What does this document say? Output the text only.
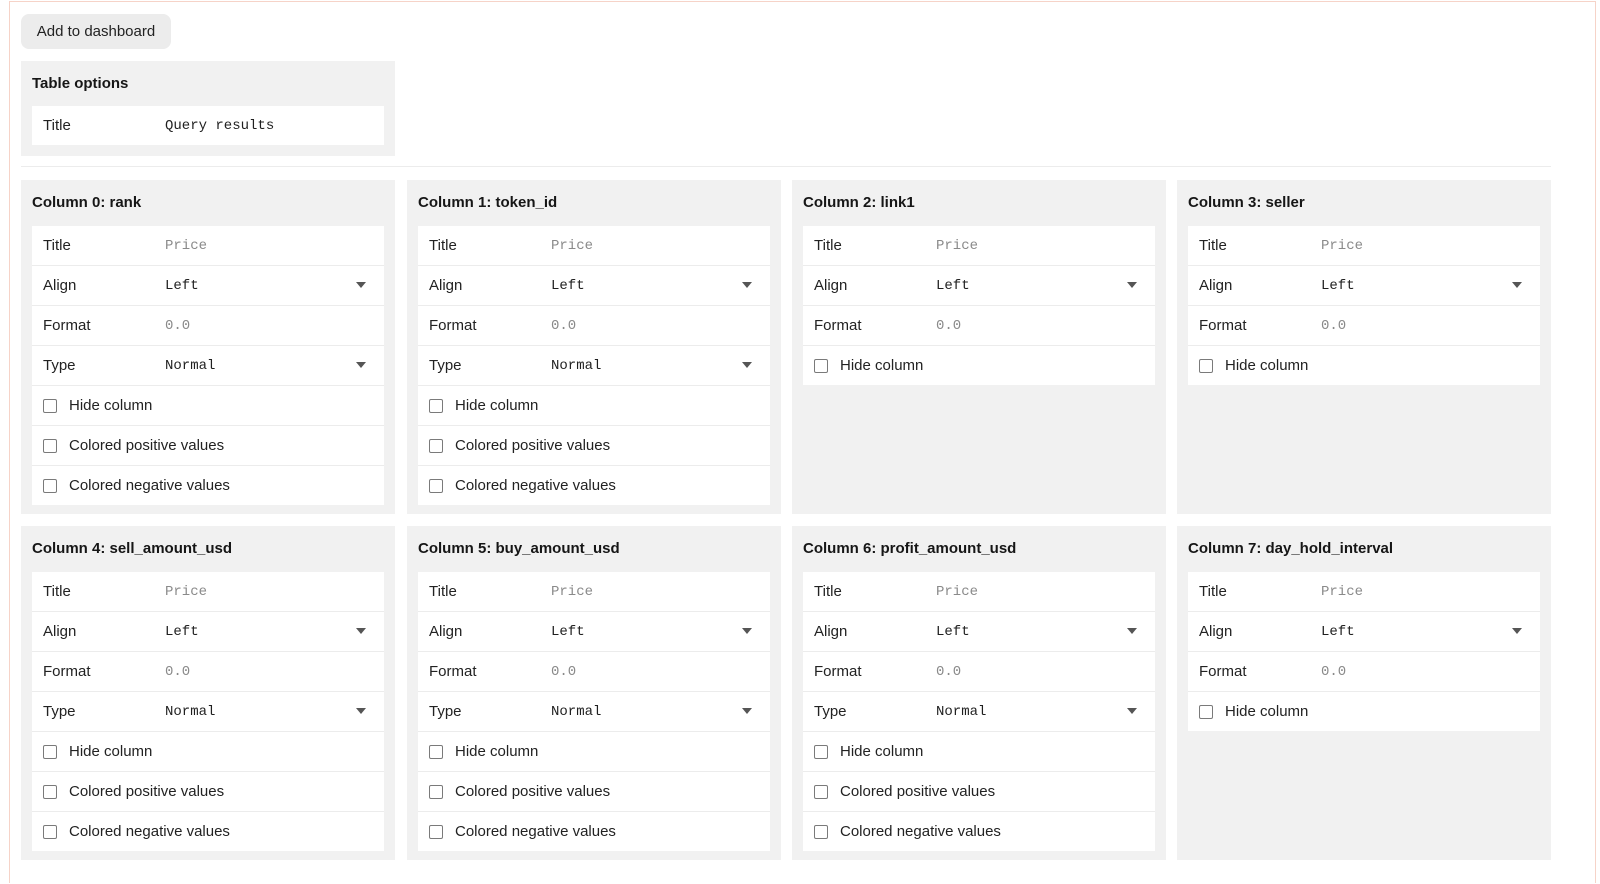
Add to dashboard
Table options
Title	Query results
Column 0: rank
Title	Price
Align	Left
Format	0.0
Type	Normal
Hide column
Colored positive values
Colored negative values
Column 1: token_id
Title	Price
Align	Left
Format	0.0
Type	Normal
Hide column
Colored positive values
Colored negative values
Column 2: link1
Title	Price
Align	Left
Format	0.0
Hide column
Column 3: seller
Title	Price
Align	Left
Format	0.0
Hide column
Column 4: sell_amount_usd
Title	Price
Align	Left
Format	0.0
Type	Normal
Hide column
Colored positive values
Colored negative values
Column 5: buy_amount_usd
Title	Price
Align	Left
Format	0.0
Type	Normal
Hide column
Colored positive values
Colored negative values
Column 6: profit_amount_usd
Title	Price
Align	Left
Format	0.0
Type	Normal
Hide column
Colored positive values
Colored negative values
Column 7: day_hold_interval
Title	Price
Align	Left
Format	0.0
Hide column
